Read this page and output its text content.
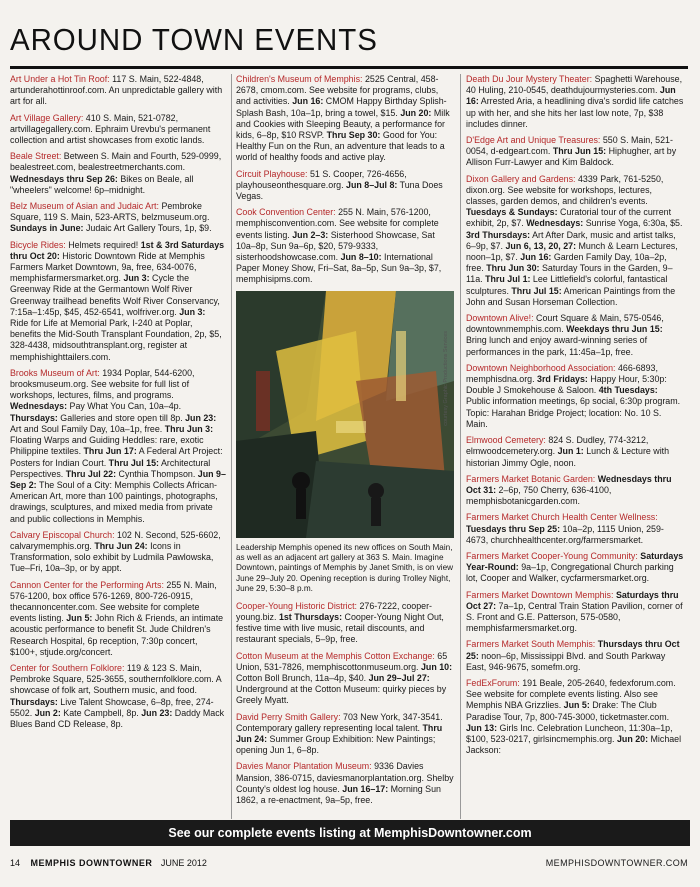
AROUND TOWN EVENTS
Art Under a Hot Tin Roof: 117 S. Main, 522-4848, artunderahottinroof.com. An unpredictable gallery with art for all.
Art Village Gallery: 410 S. Main, 521-0782, artvillagegallery.com. Ephraim Urevbu's permanent collection and artist showcases from exotic lands.
Beale Street: Between S. Main and Fourth, 529-0999, bealestreet.com, bealestreetmerchants.com. Wednesdays thru Sep 26: Bikes on Beale, all "wheelers" welcome! 6p–midnight.
Belz Museum of Asian and Judaic Art: Pembroke Square, 119 S. Main, 523-ARTS, belzmuseum.org. Sundays in June: Judaic Art Gallery Tours, 1p, $9.
Bicycle Rides: Helmets required! 1st & 3rd Saturdays thru Oct 20: Historic Downtown Ride at Memphis Farmers Market Downtown, 9a, free, 634-0076, memphisfarmersmarket.org. Jun 3: Cycle the Greenway Ride at the Germantown Wolf River Greenway trailhead benefits Wolf River Conservancy, 7:15a–1:45p, $45, 452-6541, wolfriver.org. Jun 3: Ride for Life at Memorial Park, I-240 at Poplar, benefits the Mid-South Transplant Foundation, 2p, $5, 328-4438, midsouthtransplant.org, register at memphishighttailers.com.
Brooks Museum of Art: 1934 Poplar, 544-6200, brooksmuseum.org. See website for full list of workshops, lectures, films, and programs. Wednesdays: Pay What You Can, 10a–4p. Thursdays: Galleries and store open till 8p. Jun 23: Art and Soul Family Day, 10a–1p, free. Thru Jun 3: Floating Warps and Guiding Heddles: rare, exotic Philippine textiles. Thru Jun 17: A Federal Art Project: Posters for Indian Court. Thru Jul 15: Architectural Perspectives. Thru Jul 22: Cynthia Thompson. Jun 9–Sep 2: The Soul of a City: Memphis Collects African-American Art, more than 100 paintings, photographs, drawings, sculptures, and mixed media from private and public collections in Memphis.
Calvary Episcopal Church: 102 N. Second, 525-6602, calvarymemphis.org. Thru Jun 24: Icons in Transformation, solo exhibit by Ludmila Pawlowska, Tue–Fri, 10a–3p, or by appt.
Cannon Center for the Performing Arts: 255 N. Main, 576-1200, box office 576-1269, 800-726-0915, thecannoncenter.com. See website for complete events listing. Jun 5: John Rich & Friends, an intimate acoustic performance to benefit St. Jude Children's Research Hospital, 6p reception, 7:30p concert, $100+, stjude.org/concert.
Center for Southern Folklore: 119 & 123 S. Main, Pembroke Square, 525-3655, southernfolklore.com. A showcase of folk art, Southern music, and food. Thursdays: Live Talent Showcase, 6–8p, free, 274-5502. Jun 2: Kate Campbell, 8p. Jun 23: Daddy Mack Blues Band CD Release, 8p.
Children's Museum of Memphis: 2525 Central, 458-2678, cmom.com. See website for programs, clubs, and activities. Jun 16: CMOM Happy Birthday Splish-Splash Bash, 10a–1p, bring a towel, $15. Jun 20: Milk and Cookies with Sleeping Beauty, a performance for kids, 6–8p, $10 RSVP. Thru Sep 30: Good for You: Healthy Fun on the Run, an adventure that leads to a world of healthy foods and active play.
Circuit Playhouse: 51 S. Cooper, 726-4656, playhouseonthesquare.org. Jun 8–Jul 8: Tuna Does Vegas.
Cook Convention Center: 255 N. Main, 576-1200, memphisconvention.com. See website for complete events listing. Jun 2–3: Sisterhood Showcase, Sat 10a–8p, Sun 9a–6p, $20, 579-9333, sisterhoodshowcase.com. Jun 8–10: International Paper Money Show, Fri–Sat, 8a–5p, Sun 9a–3p, $7, memphisipms.com.
courtesy Graphic Productions Services
Leadership Memphis opened its new offices on South Main, as well as an adjacent art gallery at 363 S. Main. Imagine Downtown, paintings of Memphis by Janet Smith, is on view June 29–July 20. Opening reception is during Trolley Night, June 29, 5:30–8 p.m.
Cooper-Young Historic District: 276-7222, cooper-young.biz. 1st Thursdays: Cooper-Young Night Out, festive time with live music, retail discounts, and restaurant specials, 5–9p, free.
Cotton Museum at the Memphis Cotton Exchange: 65 Union, 531-7826, memphiscottonmuseum.org. Jun 10: Cotton Boll Brunch, 11a–4p, $40. Jun 29–Jul 27: Underground at the Cotton Museum: quirky pieces by Greely Myatt.
David Perry Smith Gallery: 703 New York, 347-3541. Contemporary gallery representing local talent. Thru Jun 24: Summer Group Exhibition: New Paintings; opening Jun 1, 6–8p.
Davies Manor Plantation Museum: 9336 Davies Mansion, 386-0715, daviesmanorplantation.org. Shelby County's oldest log house. Jun 16–17: Morning Sun 1862, a re-enactment, 9a–5p, free.
Death Du Jour Mystery Theater: Spaghetti Warehouse, 40 Huling, 210-0545, deathdujourmysteries.com. Jun 16: Arrested Aria, a headlining diva's sordid life catches up with her, and she hits her last low note, 7p, $38 includes dinner.
D'Edge Art and Unique Treasures: 550 S. Main, 521-0054, d-edgeart.com. Thru Jun 15: Hiphugher, art by Allison Furr-Lawyer and Kim Baldock.
Dixon Gallery and Gardens: 4339 Park, 761-5250, dixon.org. See website for workshops, lectures, classes, garden demos, and children's events. Tuesdays & Sundays: Curatorial tour of the current exhibit, 2p, $7. Wednesdays: Sunrise Yoga, 6:30a, $5. 3rd Thursdays: Art After Dark, music and artist talks, 6–9p, $7. Jun 6, 13, 20, 27: Munch & Learn Lectures, noon–1p, $7. Jun 16: Garden Family Day, 10a–2p, free. Thru Jun 30: Saturday Tours in the Garden, 9–11a. Thru Jul 1: Lee Littlefield's colorful, fantastical sculptures. Thru Jul 15: American Paintings from the John and Susan Horseman Collection.
Downtown Alive!: Court Square & Main, 575-0546, downtownmemphis.com. Weekdays thru Jun 15: Bring lunch and enjoy award-winning series of performances in the park, 11:45a–1p, free.
Downtown Neighborhood Association: 466-6893, memphisdna.org. 3rd Fridays: Happy Hour, 5:30p: Double J Smokehouse & Saloon. 4th Tuesdays: Public information meetings, 6p social, 6:30p program. Topic: Harahan Bridge Project; location: No. 10 S. Main.
Elmwood Cemetery: 824 S. Dudley, 774-3212, elmwoodcemetery.org. Jun 1: Lunch & Lecture with historian Jimmy Ogle, noon.
Farmers Market Botanic Garden: Wednesdays thru Oct 31: 2–6p, 750 Cherry, 636-4100, memphisbotanicgarden.com.
Farmers Market Church Health Center Wellness: Tuesdays thru Sep 25: 10a–2p, 1115 Union, 259-4673, churchhealthcenter.org/farmersmarket.
Farmers Market Cooper-Young Community: Saturdays Year-Round: 9a–1p, Congregational Church parking lot, Cooper and Walker, cycfarmersmarket.org.
Farmers Market Downtown Memphis: Saturdays thru Oct 27: 7a–1p, Central Train Station Pavilion, corner of S. Front and G.E. Patterson, 575-0580, memphisfarmersmarket.org.
Farmers Market South Memphis: Thursdays thru Oct 25: noon–6p, Mississippi Blvd. and South Parkway East, 946-9675, somefm.org.
FedExForum: 191 Beale, 205-2640, fedexforum.com. See website for complete events listing. Also see Memphis NBA Grizzlies. Jun 5: Drake: The Club Paradise Tour, 7p, 800-745-3000, ticketmaster.com. Jun 13: Girls Inc. Celebration Luncheon, 11:30a–1p, $100, 523-0217, girlsincmemphis.org. Jun 20: Michael Jackson:
See our complete events listing at MemphisDowntowner.com
14 MEMPHIS DOWNTOWNER JUNE 2012	MEMPHISDOWNTOWNER.COM
